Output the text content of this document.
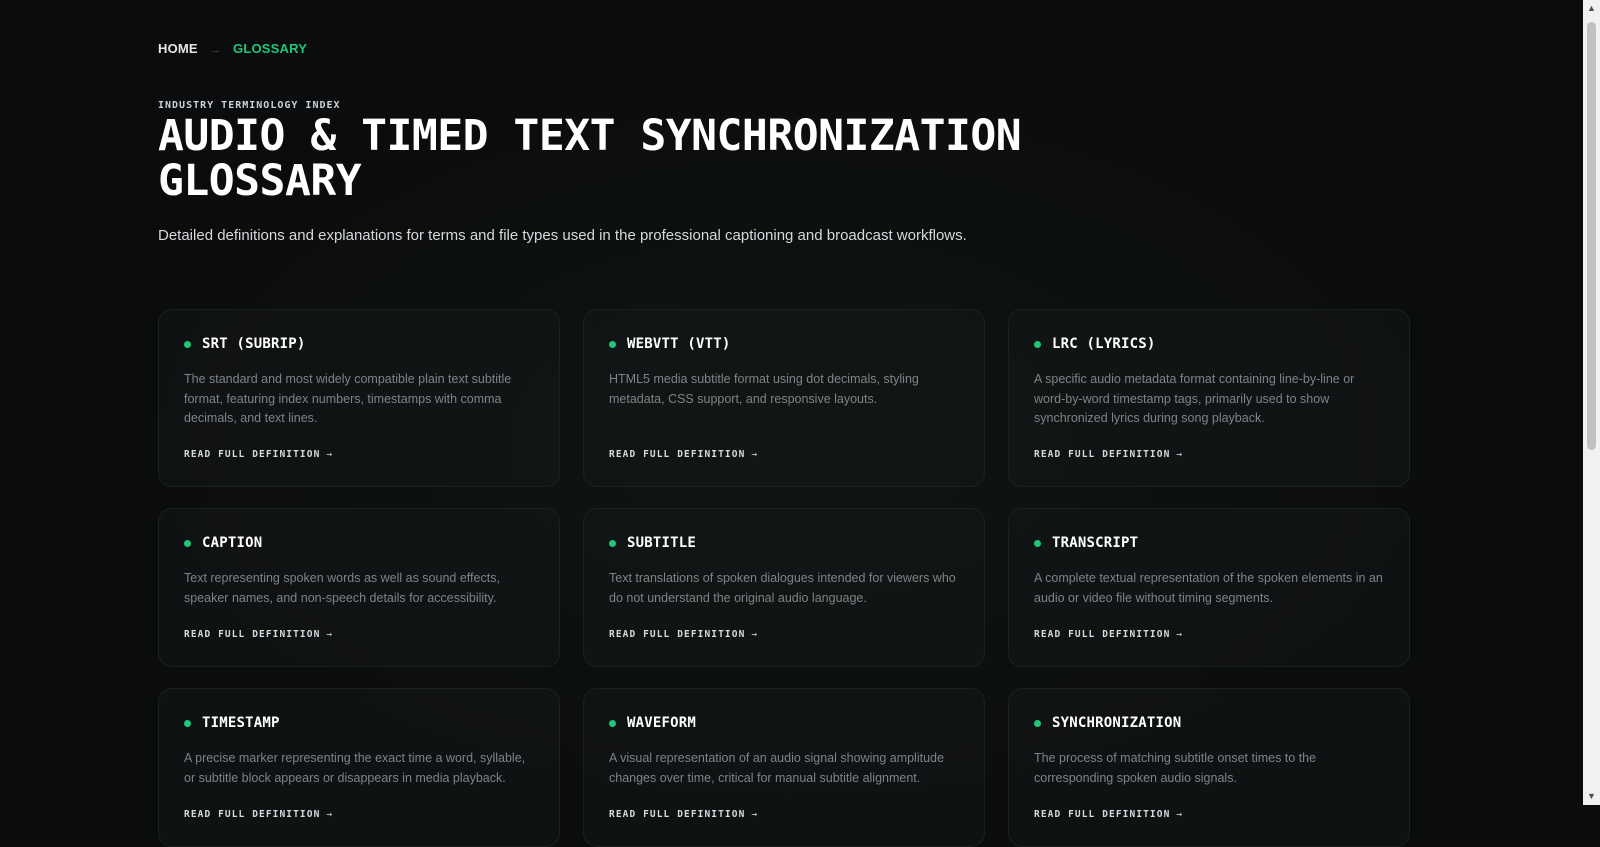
HOME → GLOSSARY
INDUSTRY TERMINOLOGY INDEX
AUDIO & TIMED TEXT SYNCHRONIZATION GLOSSARY
Detailed definitions and explanations for terms and file types used in the professional captioning and broadcast workflows.
SRT (SUBRIP)
The standard and most widely compatible plain text subtitle format, featuring index numbers, timestamps with comma decimals, and text lines.
READ FULL DEFINITION →
WEBVTT (VTT)
HTML5 media subtitle format using dot decimals, styling metadata, CSS support, and responsive layouts.
READ FULL DEFINITION →
LRC (LYRICS)
A specific audio metadata format containing line-by-line or word-by-word timestamp tags, primarily used to show synchronized lyrics during song playback.
READ FULL DEFINITION →
CAPTION
Text representing spoken words as well as sound effects, speaker names, and non-speech details for accessibility.
READ FULL DEFINITION →
SUBTITLE
Text translations of spoken dialogues intended for viewers who do not understand the original audio language.
READ FULL DEFINITION →
TRANSCRIPT
A complete textual representation of the spoken elements in an audio or video file without timing segments.
READ FULL DEFINITION →
TIMESTAMP
A precise marker representing the exact time a word, syllable, or subtitle block appears or disappears in media playback.
READ FULL DEFINITION →
WAVEFORM
A visual representation of an audio signal showing amplitude changes over time, critical for manual subtitle alignment.
READ FULL DEFINITION →
SYNCHRONIZATION
The process of matching subtitle onset times to the corresponding spoken audio signals.
READ FULL DEFINITION →
▲
▼
